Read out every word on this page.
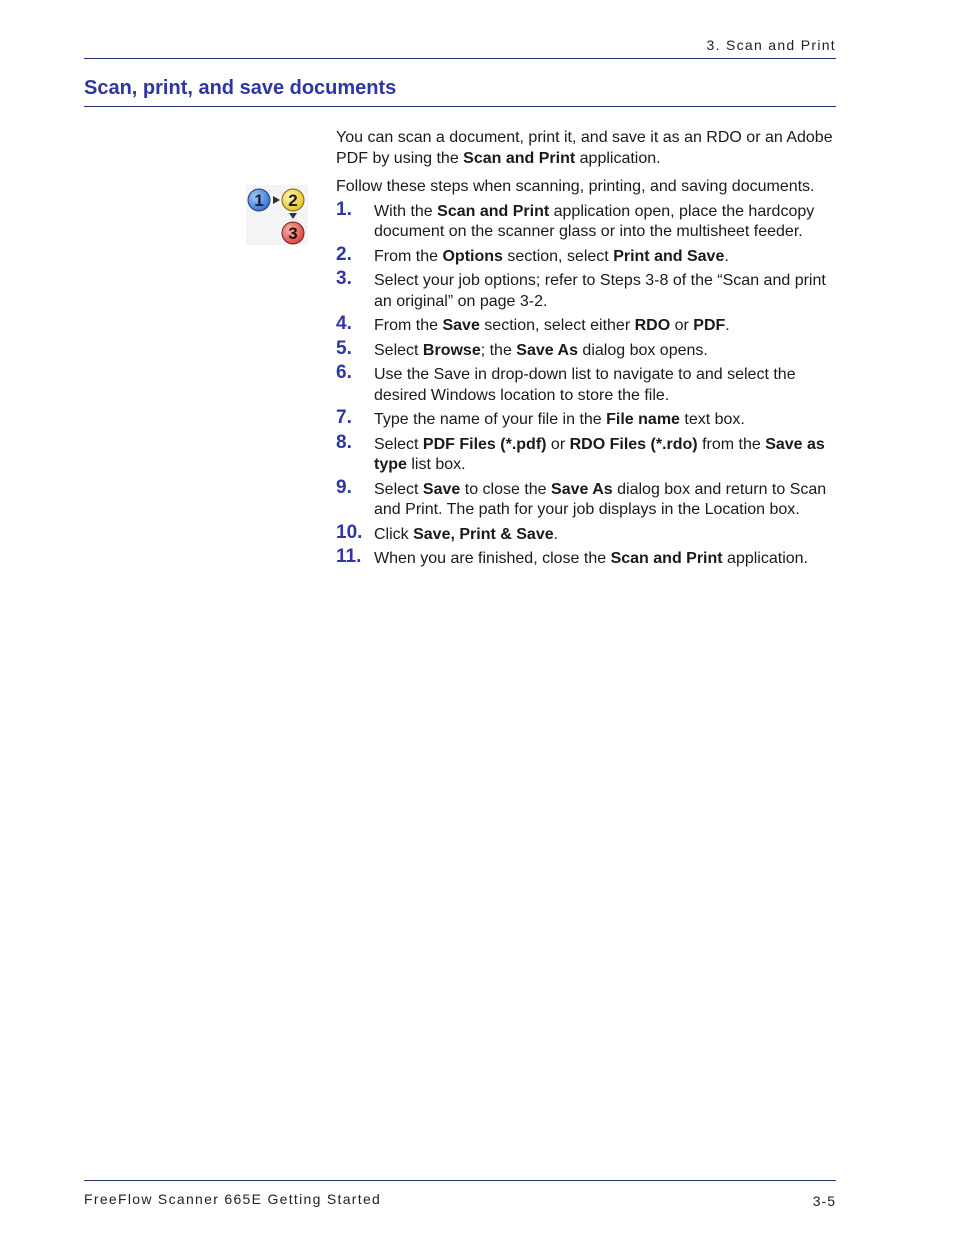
3. Scan and Print
Scan, print, and save documents
1 2
3

You can scan a document, print it, and save it as an RDO or an Adobe PDF by using the Scan and Print application.

Follow these steps when scanning, printing, and saving documents.

1.	With the Scan and Print application open, place the hardcopy document on the scanner glass or into the multisheet feeder.
2.	From the Options section, select Print and Save.
3.	Select your job options; refer to Steps 3-8 of the “Scan and print an original” on page 3-2.
4.	From the Save section, select either RDO or PDF.
5.	Select Browse; the Save As dialog box opens.
6.	Use the Save in drop-down list to navigate to and select the desired Windows location to store the file.
7.	Type the name of your file in the File name text box.
8.	Select PDF Files (*.pdf) or RDO Files (*.rdo) from the Save as type list box.
9.	Select Save to close the Save As dialog box and return to Scan and Print. The path for your job displays in the Location box.
10. Click Save, Print & Save.
11. When you are finished, close the Scan and Print application.
FreeFlow Scanner 665E Getting Started	3-5
